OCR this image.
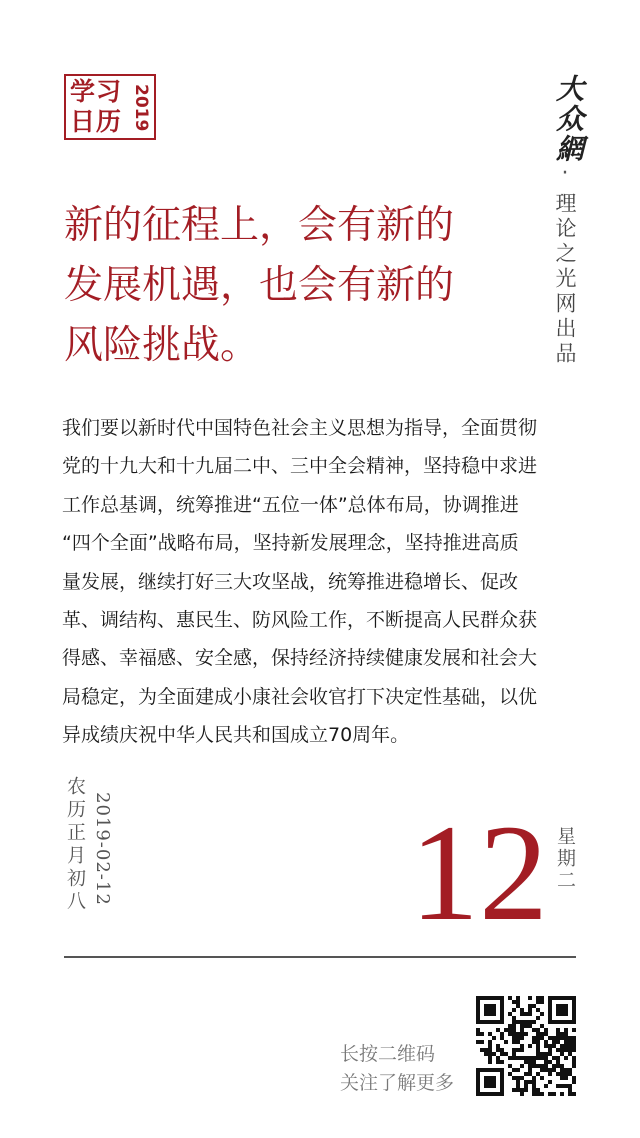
学习
日历 2019	大众網
·
理论之光网出品
新的征程上，会有新的
发展机遇，也会有新的
风险挑战。
我们要以新时代中国特色社会主义思想为指导，全面贯彻
党的十九大和十九届二中、三中全会精神，坚持稳中求进
工作总基调，统筹推进“五位一体”总体布局，协调推进
“四个全面”战略布局，坚持新发展理念，坚持推进高质
量发展，继续打好三大攻坚战，统筹推进稳增长、促改
革、调结构、惠民生、防风险工作，不断提高人民群众获
得感、幸福感、安全感，保持经济持续健康发展和社会大
局稳定，为全面建成小康社会收官打下决定性基础，以优
异成绩庆祝中华人民共和国成立70周年。
农历正月初八 2019-02-12 12 星期二
长按二维码
关注了解更多
